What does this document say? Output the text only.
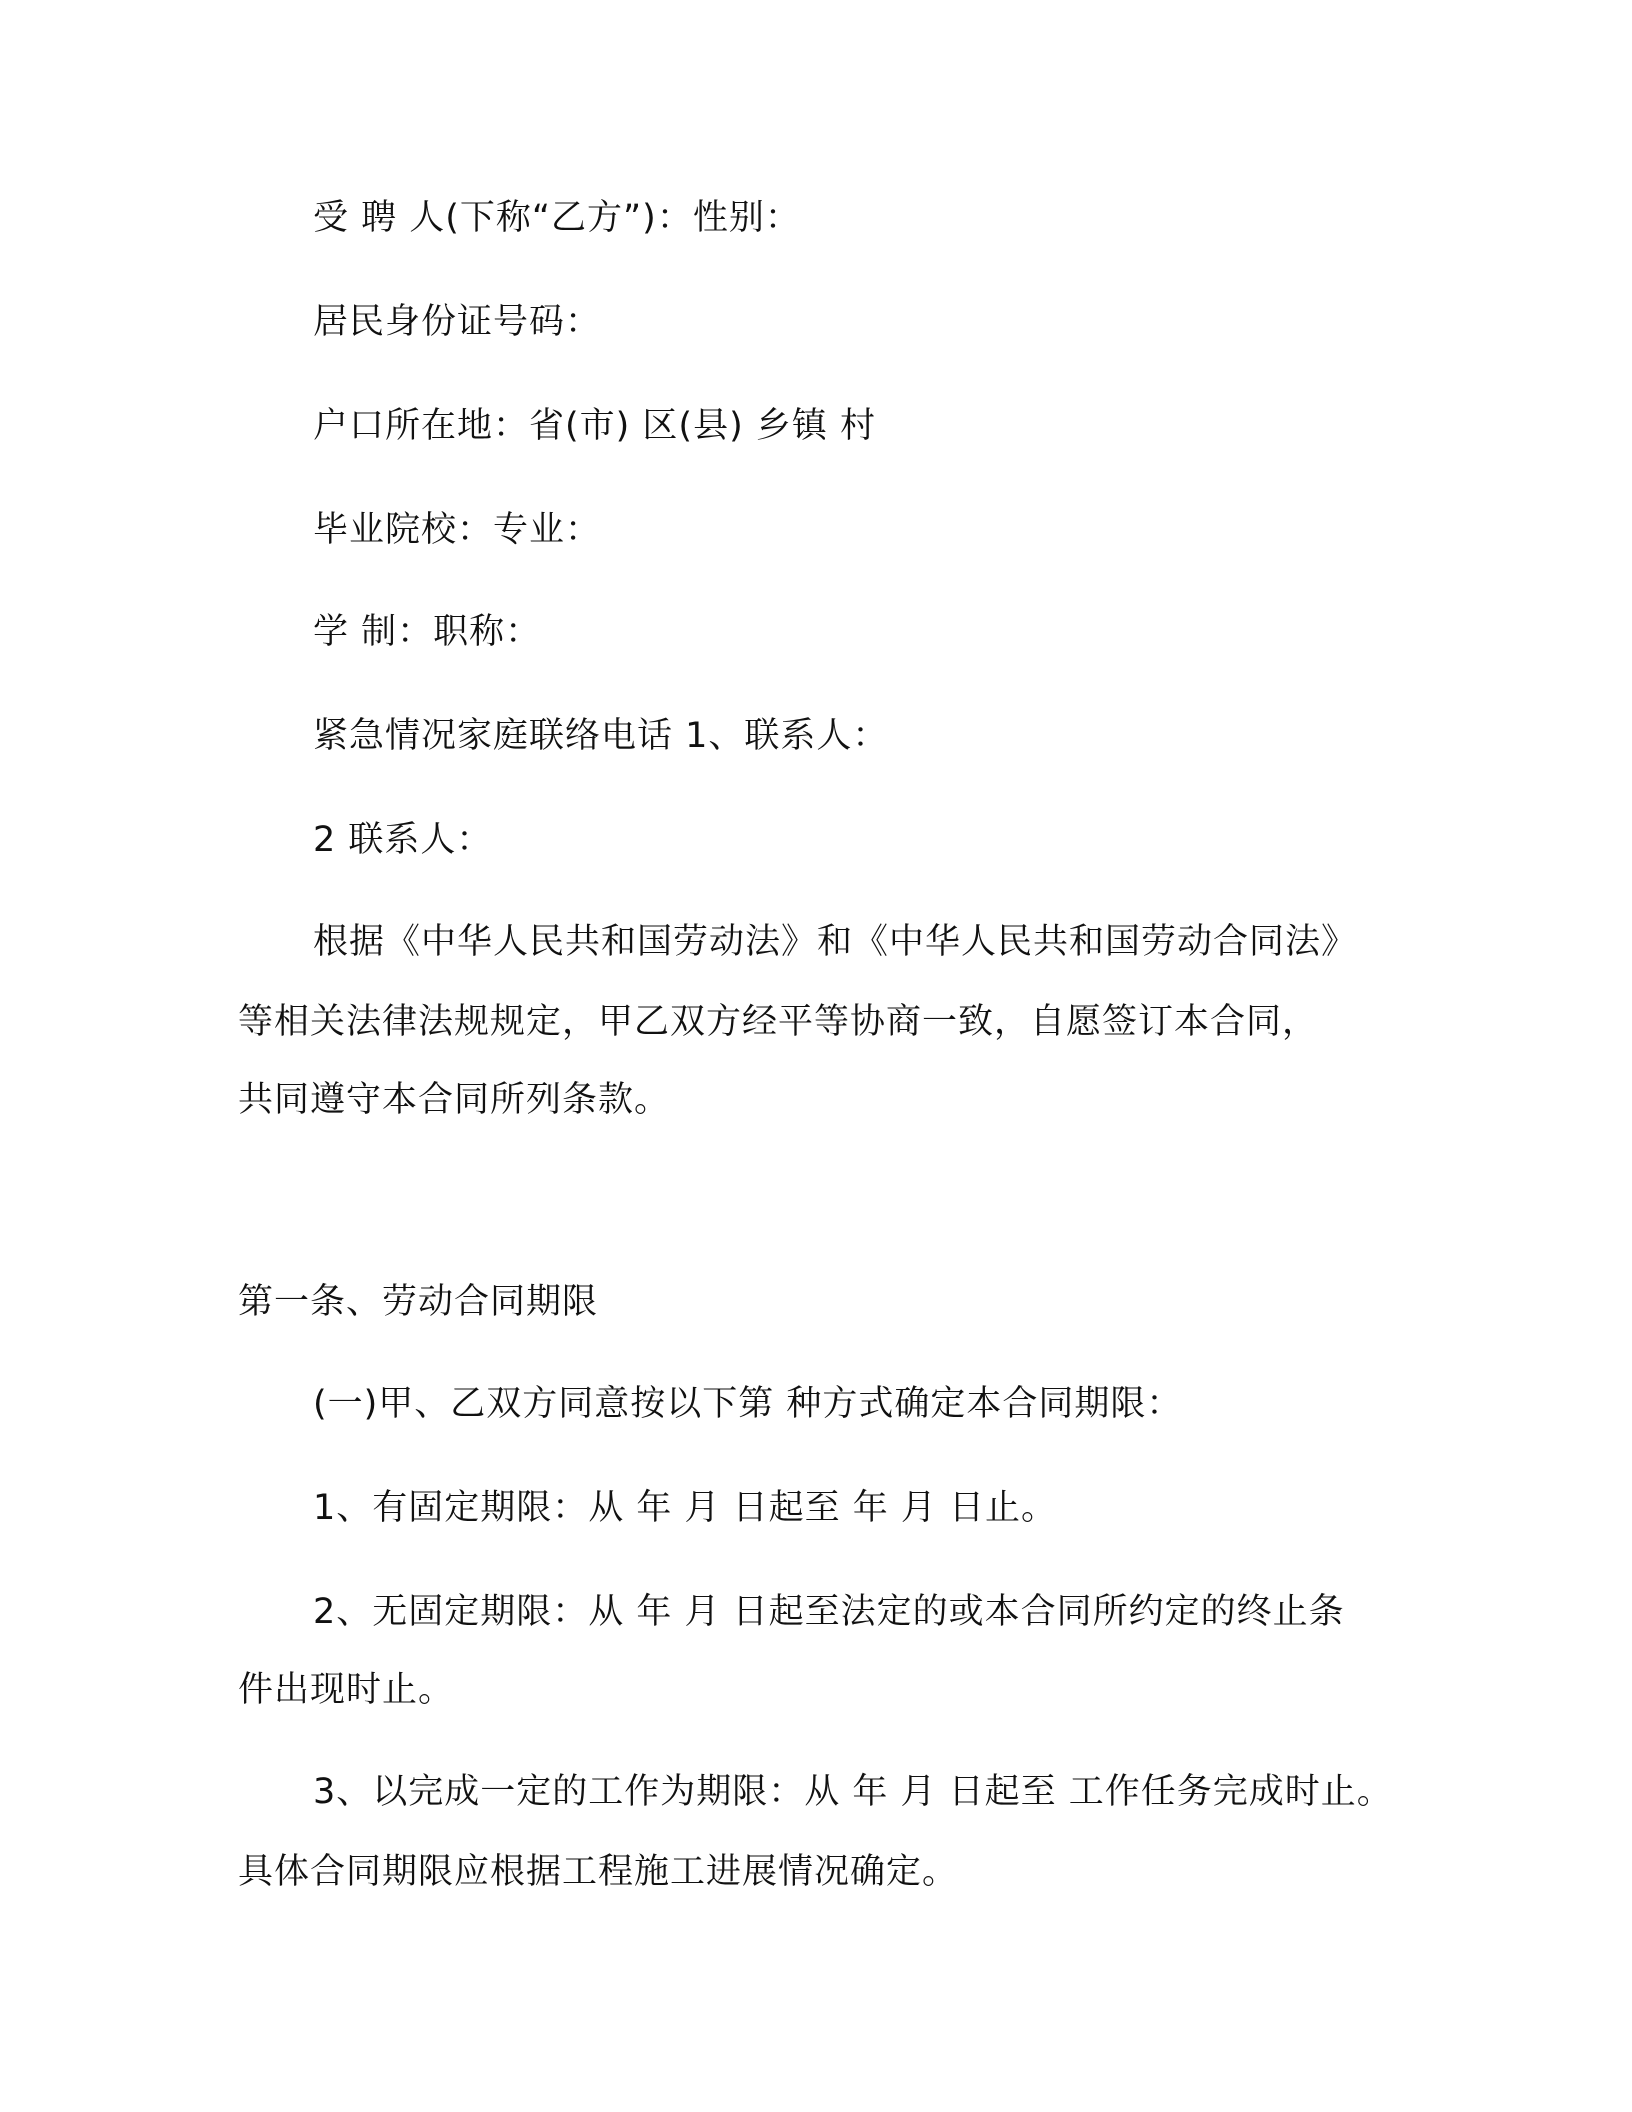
受 聘 人(下称“乙方”)：性别：
居民身份证号码：
户口所在地：省(市) 区(县) 乡镇 村
毕业院校：专业：
学 制：职称：
紧急情况家庭联络电话 1、联系人：
2 联系人：
根据《中华人民共和国劳动法》和《中华人民共和国劳动合同法》
等相关法律法规规定，甲乙双方经平等协商一致，自愿签订本合同，
共同遵守本合同所列条款。
第一条、劳动合同期限
(一)甲、乙双方同意按以下第 种方式确定本合同期限：
1、有固定期限：从 年 月 日起至 年 月 日止。
2、无固定期限：从 年 月 日起至法定的或本合同所约定的终止条
件出现时止。
3、以完成一定的工作为期限：从 年 月 日起至 工作任务完成时止。
具体合同期限应根据工程施工进展情况确定。
